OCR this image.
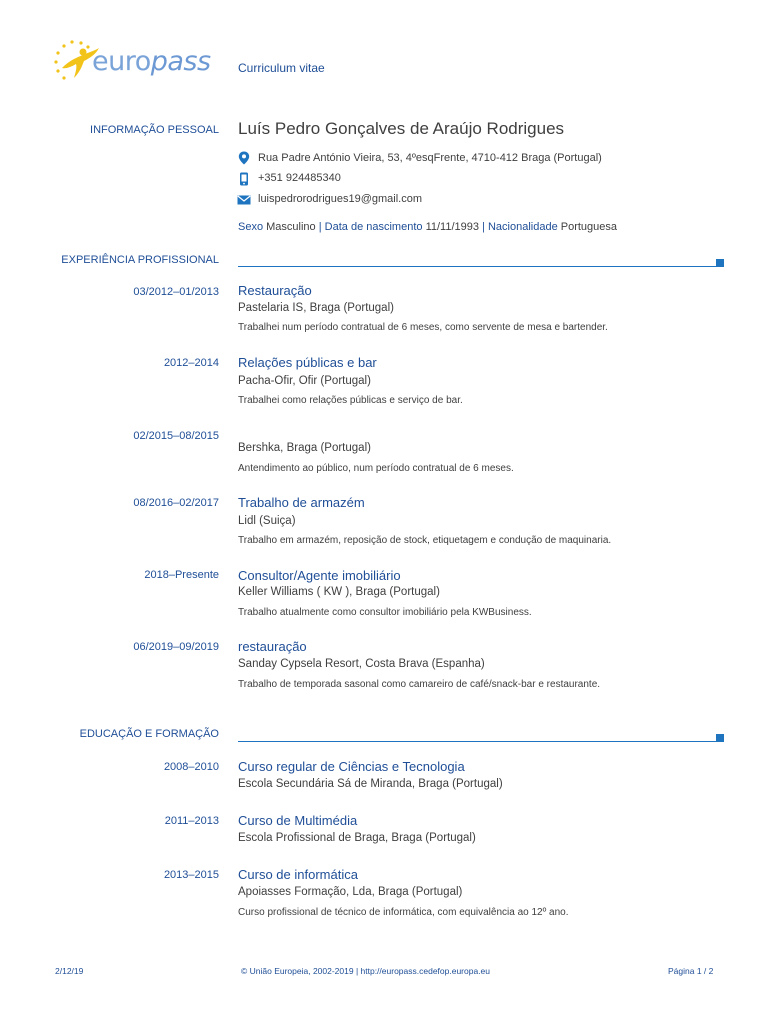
europass Curriculum vitae
INFORMAÇÃO PESSOAL Luís Pedro Gonçalves de Araújo Rodrigues
Rua Padre António Vieira, 53, 4ºesqFrente, 4710-412 Braga (Portugal)
+351 924485340
luispedrorodrigues19@gmail.com
Sexo Masculino | Data de nascimento 11/11/1993 | Nacionalidade Portuguesa
EXPERIÊNCIA PROFISSIONAL
03/2012–01/2013 Restauração
Pastelaria IS, Braga (Portugal)
Trabalhei num período contratual de 6 meses, como servente de mesa e bartender.
2012–2014 Relações públicas e bar
Pacha-Ofir, Ofir (Portugal)
Trabalhei como relações públicas e serviço de bar.
02/2015–08/2015
Bershka, Braga (Portugal)
Antendimento ao público, num período contratual de 6 meses.
08/2016–02/2017 Trabalho de armazém
Lidl (Suiça)
Trabalho em armazém, reposição de stock, etiquetagem e condução de maquinaria.
2018–Presente Consultor/Agente imobiliário
Keller Williams ( KW ), Braga (Portugal)
Trabalho atualmente como consultor imobiliário pela KWBusiness.
06/2019–09/2019 restauração
Sanday Cypsela Resort, Costa Brava (Espanha)
Trabalho de temporada sasonal como camareiro de café/snack-bar e restaurante.
EDUCAÇÃO E FORMAÇÃO
2008–2010 Curso regular de Ciências e Tecnologia
Escola Secundária Sá de Miranda, Braga (Portugal)
2011–2013 Curso de Multimédia
Escola Profissional de Braga, Braga (Portugal)
2013–2015 Curso de informática
Apoiasses Formação, Lda, Braga (Portugal)
Curso profissional de técnico de informática, com equivalência ao 12º ano.
2/12/19	© União Europeia, 2002-2019 | http://europass.cedefop.europa.eu	Página 1 / 2
